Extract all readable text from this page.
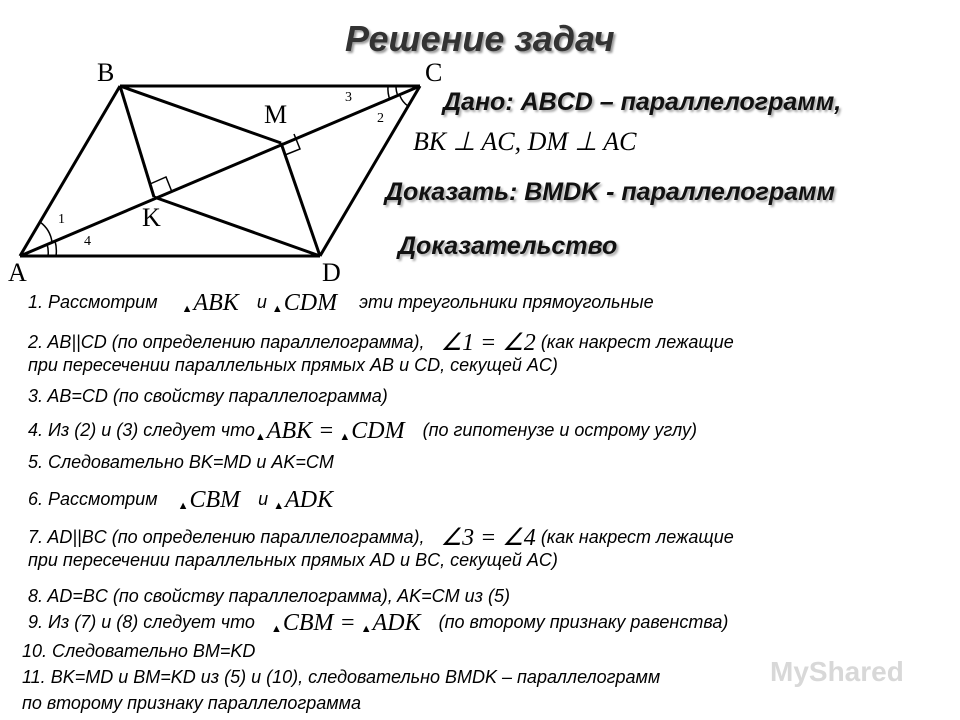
Решение задач
B	C
A	D
M
K
1
4
3
2
Дано: ABCD – параллелограмм,
BK ⊥ AC, DM ⊥ AC
Доказать: BMDK - параллелограмм
Доказательство
1. Рассмотрим $_▲$ABK и $_▲$CDM эти треугольники прямоугольные
2. AB||CD (по определению параллелограмма), ∠1 = ∠2 (как накрест лежащие
при пересечении параллельных прямых AB и CD, секущей AC)
3. AB=CD (по свойству параллелограмма)
4. Из (2) и (3) следует что$_▲$ABK = $_▲$CDM (по гипотенузе и острому углу)
5. Следовательно BK=MD и AK=CM
6. Рассмотрим $_▲$CBM и $_▲$ADK
7. AD||BC (по определению параллелограмма), ∠3 = ∠4 (как накрест лежащие
при пересечении параллельных прямых AD и BC, секущей AC)
8. AD=BC (по свойству параллелограмма), AK=CM из (5)
9. Из (7) и (8) следует что $_▲$CBM = $_▲$ADK (по второму признаку равенства)
10. Следовательно BM=KD
MyShared
11. BK=MD и BM=KD из (5) и (10), следовательно BMDK – параллелограмм
по второму признаку параллелограмма
